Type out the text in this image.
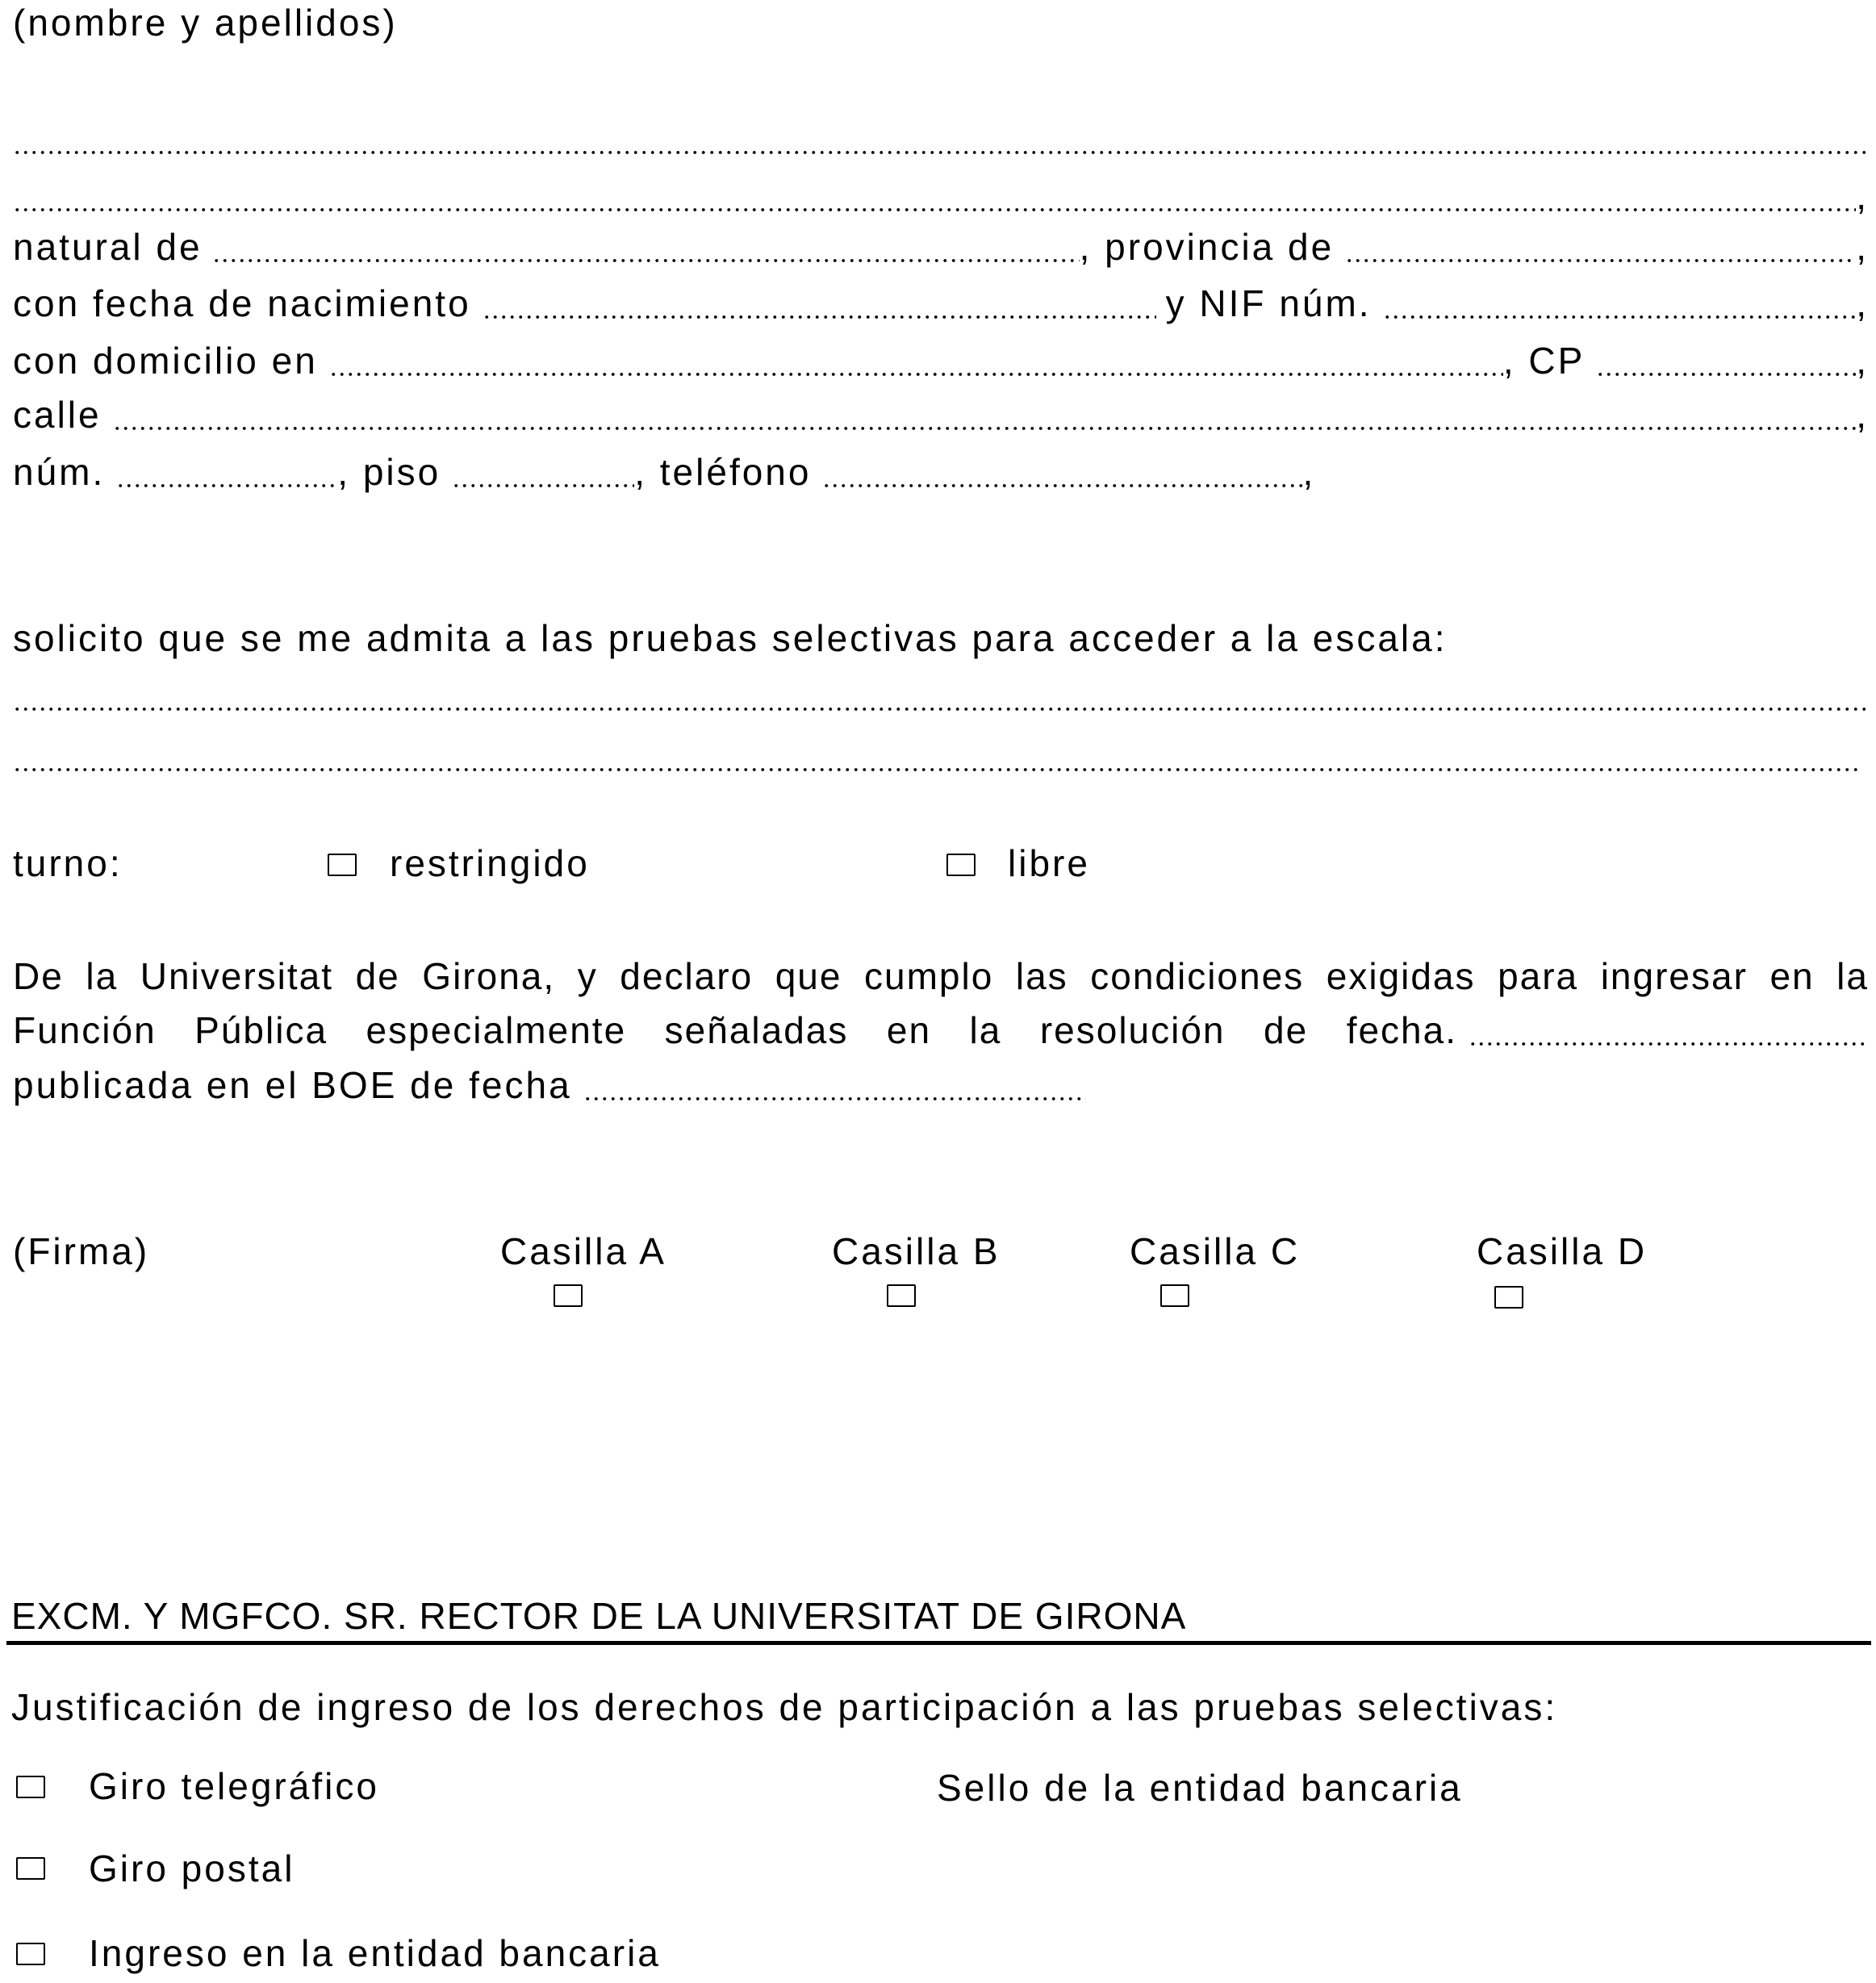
(nombre y apellidos)
,
natural de	, provincia de	,
con fecha de nacimiento	y NIF núm.	,
con domicilio en	, CP	,
calle	,
núm.	, piso	, teléfono	,
solicito que se me admita a las pruebas selectivas para acceder a la escala:
turno:	restringido	libre
De la Universitat de Girona, y declaro que cumplo las condiciones exigidas para ingresar en la
Función Pública especialmente señaladas en la resolución de fecha.
publicada en el BOE de fecha
(Firma)	Casilla A	Casilla B	Casilla C	Casilla D
EXCM. Y MGFCO. SR. RECTOR DE LA UNIVERSITAT DE GIRONA
Justificación de ingreso de los derechos de participación a las pruebas selectivas:
Giro telegráfico	Sello de la entidad bancaria
Giro postal
Ingreso en la entidad bancaria
